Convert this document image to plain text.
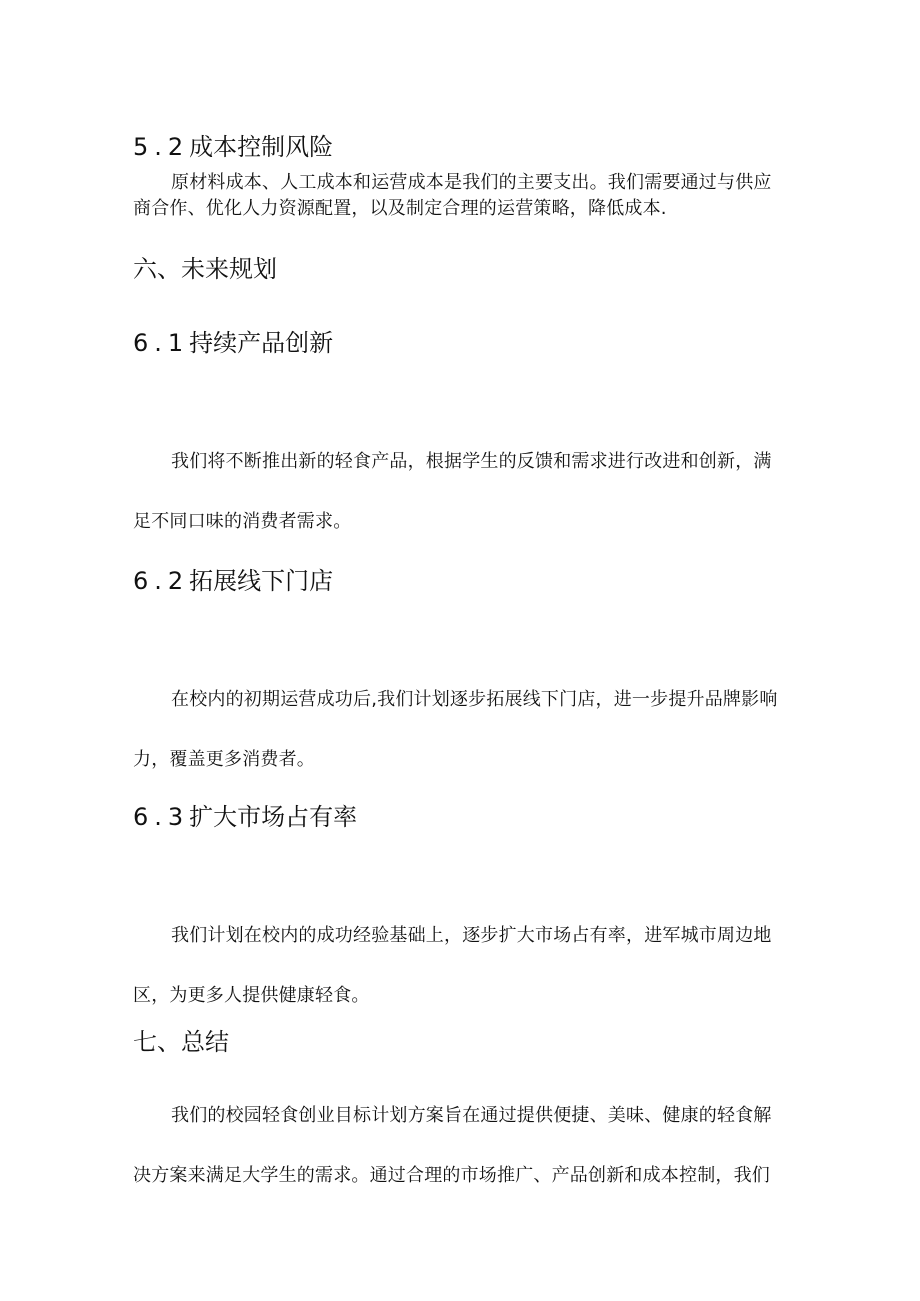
5.2成本控制风险

原材料成本、人工成本和运营成本是我们的主要支出。我们需要通过与供应
商合作、优化人力资源配置，以及制定合理的运营策略，降低成本.

六、未来规划
6.1持续产品创新

我们将不断推出新的轻食产品，根据学生的反馈和需求进行改进和创新，满
足不同口味的消费者需求。

6.2拓展线下门店

在校内的初期运营成功后,我们计划逐步拓展线下门店，进一步提升品牌影响
力，覆盖更多消费者。

6.3扩大市场占有率

我们计划在校内的成功经验基础上，逐步扩大市场占有率，进军城市周边地
区，为更多人提供健康轻食。

七、总结

我们的校园轻食创业目标计划方案旨在通过提供便捷、美味、健康的轻食解
决方案来满足大学生的需求。通过合理的市场推广、产品创新和成本控制，我们
